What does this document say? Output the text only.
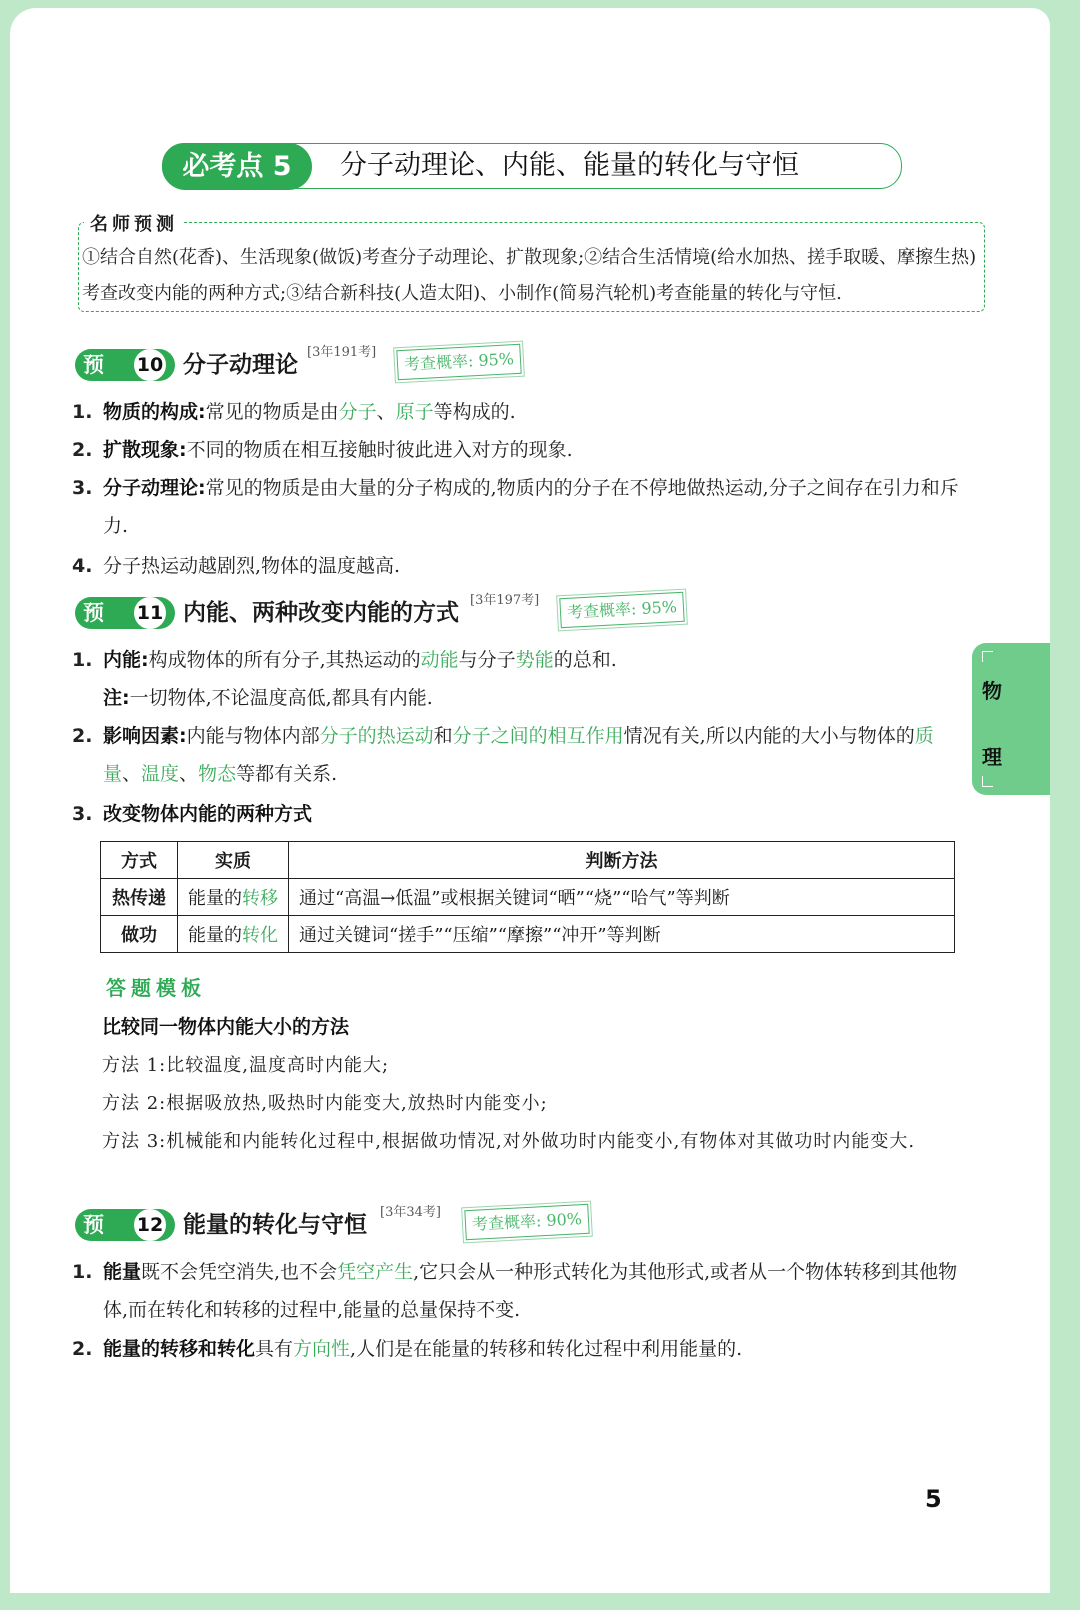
必考点 5	分子动理论、内能、能量的转化与守恒
名师预测
①结合自然(花香)、生活现象(做饭)考查分子动理论、扩散现象;②结合生活情境(给水加热、搓手取暖、摩擦生热)考查改变内能的两种方式;③结合新科技(人造太阳)、小制作(简易汽轮机)考查能量的转化与守恒.
预测
10 分子动理论 [3年191考]	考查概率: 95%
1. 物质的构成:常见的物质是由分子、原子等构成的.
2. 扩散现象:不同的物质在相互接触时彼此进入对方的现象.
3. 分子动理论:常见的物质是由大量的分子构成的,物质内的分子在不停地做热运动,分子之间存在引力和斥力.
4. 分子热运动越剧烈,物体的温度越高.
预测
11 内能、两种改变内能的方式 [3年197考]	考查概率: 95%
1. 内能:构成物体的所有分子,其热运动的动能与分子势能的总和.
注:一切物体,不论温度高低,都具有内能.
2. 影响因素:内能与物体内部分子的热运动和分子之间的相互作用情况有关,所以内能的大小与物体的质量、温度、物态等都有关系.
3. 改变物体内能的两种方式
方式	实质	判断方法
热传递	能量的转移	通过“高温→低温”或根据关键词“晒”“烧”“哈气”等判断
做功	能量的转化	通过关键词“搓手”“压缩”“摩擦”“冲开”等判断
答题模板
比较同一物体内能大小的方法
方法 1:比较温度,温度高时内能大;
方法 2:根据吸放热,吸热时内能变大,放热时内能变小;
方法 3:机械能和内能转化过程中,根据做功情况,对外做功时内能变小,有物体对其做功时内能变大.
预测
12 能量的转化与守恒 [3年34考]	考查概率: 90%
1. 能量既不会凭空消失,也不会凭空产生,它只会从一种形式转化为其他形式,或者从一个物体转移到其他物体,而在转化和转移的过程中,能量的总量保持不变.
2. 能量的转移和转化具有方向性,人们是在能量的转移和转化过程中利用能量的.
物
理
5
